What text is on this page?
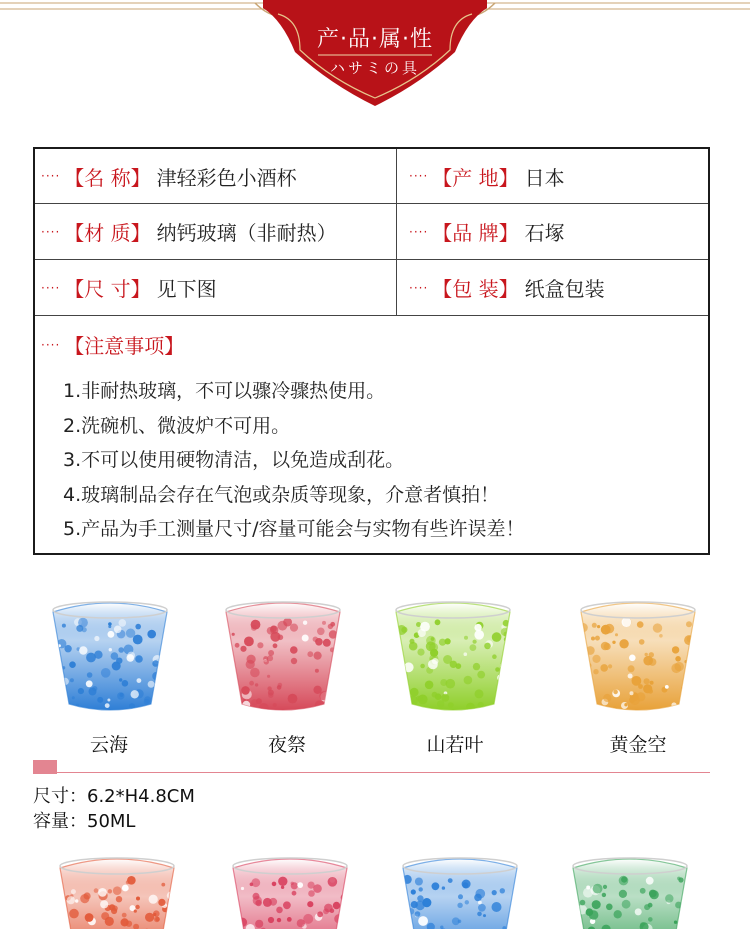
产·品·属·性
ハサミの具
···· 【名 称】 津轻彩色小酒杯	···· 【产 地】 日本
···· 【材 质】 纳钙玻璃（非耐热）	···· 【品 牌】 石塚
···· 【尺 寸】 见下图	···· 【包 装】 纸盒包装
···· 【注意事项】
1.非耐热玻璃，不可以骤冷骤热使用。
2.洗碗机、微波炉不可用。
3.不可以使用硬物清洁，以免造成刮花。
4.玻璃制品会存在气泡或杂质等现象，介意者慎拍！
5.产品为手工测量尺寸/容量可能会与实物有些许误差！
云海	夜祭	山若叶	黄金空
尺寸：6.2*H4.8CM
容量：50ML
